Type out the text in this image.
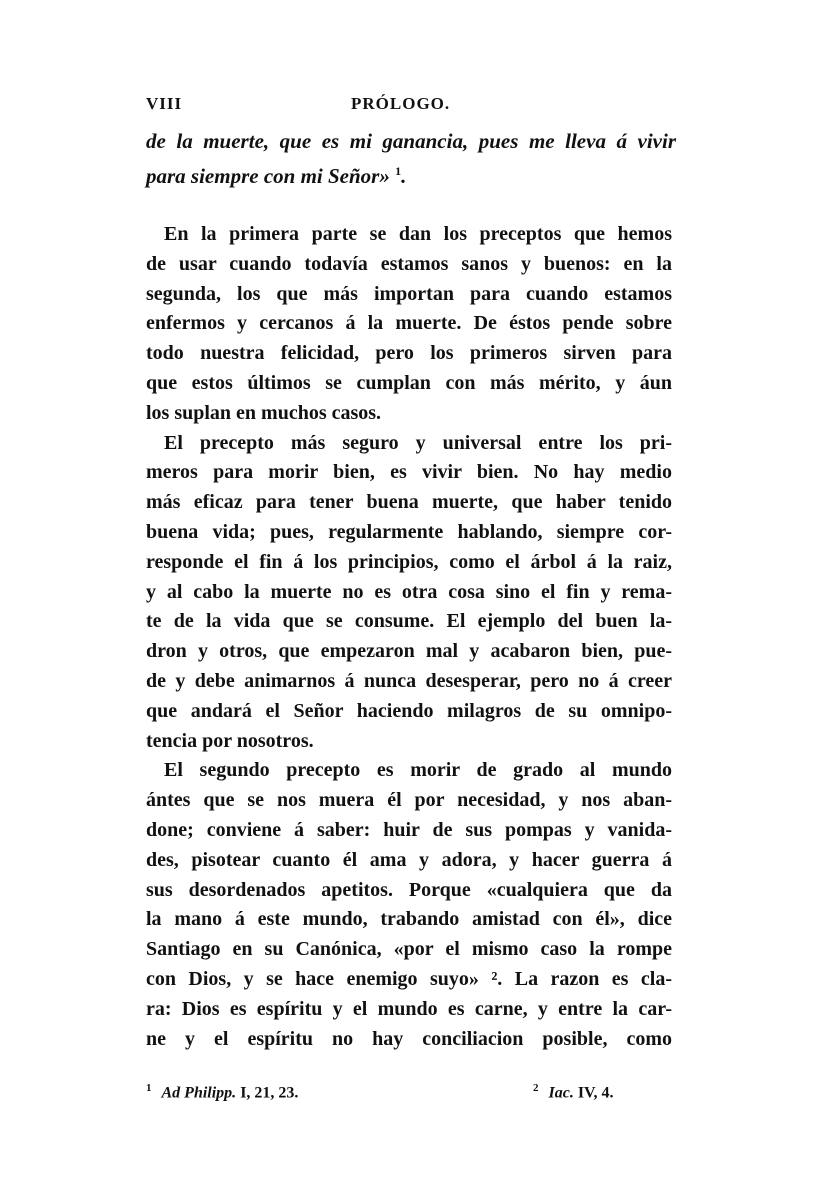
VIII	PRÓLOGO.
de la muerte, que es mi ganancia, pues me lleva á vivir
para siempre con mi Señor» $^1$.
En la primera parte se dan los preceptos que hemos
de usar cuando todavía estamos sanos y buenos: en la
segunda, los que más importan para cuando estamos
enfermos y cercanos á la muerte. De éstos pende sobre
todo nuestra felicidad, pero los primeros sirven para
que estos últimos se cumplan con más mérito, y áun
los suplan en muchos casos.
El precepto más seguro y universal entre los pri-
meros para morir bien, es vivir bien. No hay medio
más eficaz para tener buena muerte, que haber tenido
buena vida; pues, regularmente hablando, siempre cor-
responde el fin á los principios, como el árbol á la raiz,
y al cabo la muerte no es otra cosa sino el fin y rema-
te de la vida que se consume. El ejemplo del buen la-
dron y otros, que empezaron mal y acabaron bien, pue-
de y debe animarnos á nunca desesperar, pero no á creer
que andará el Señor haciendo milagros de su omnipo-
tencia por nosotros.
El segundo precepto es morir de grado al mundo
ántes que se nos muera él por necesidad, y nos aban-
done; conviene á saber: huir de sus pompas y vanida-
des, pisotear cuanto él ama y adora, y hacer guerra á
sus desordenados apetitos. Porque «cualquiera que da
la mano á este mundo, trabando amistad con él», dice
Santiago en su Canónica, «por el mismo caso la rompe
con Dios, y se hace enemigo suyo» ². La razon es cla-
ra: Dios es espíritu y el mundo es carne, y entre la car-
ne y el espíritu no hay conciliacion posible, como
$^1$ Ad Philipp. I, 21, 23.	$^2$ Iac. IV, 4.
